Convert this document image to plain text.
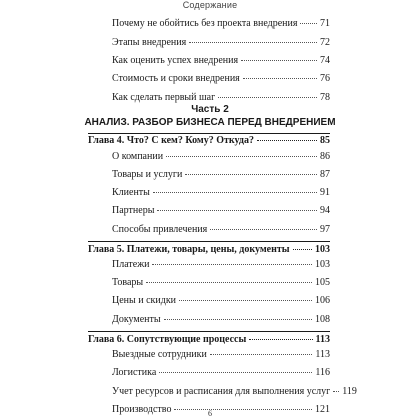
Содержание
Почему не обойтись без проекта внедрения 71
Этапы внедрения	72
Как оценить успех внедрения	74
Стоимость и сроки внедрения	76
Как сделать первый шаг	78
Часть 2
АНАЛИЗ. РАЗБОР БИЗНЕСА ПЕРЕД ВНЕДРЕНИЕМ
Глава 4. Что? С кем? Кому? Откуда?	85
О компании	86
Товары и услуги	87
Клиенты	91
Партнеры	94
Способы привлечения	97
Глава 5. Платежи, товары, цены, документы	103
Платежи	103
Товары	105
Цены и скидки	106
Документы	108
Глава 6. Сопутствующие процессы	113
Выездные сотрудники	113
Логистика	116
Учет ресурсов и расписания для выполнения услуг 119
Производство	121
6
